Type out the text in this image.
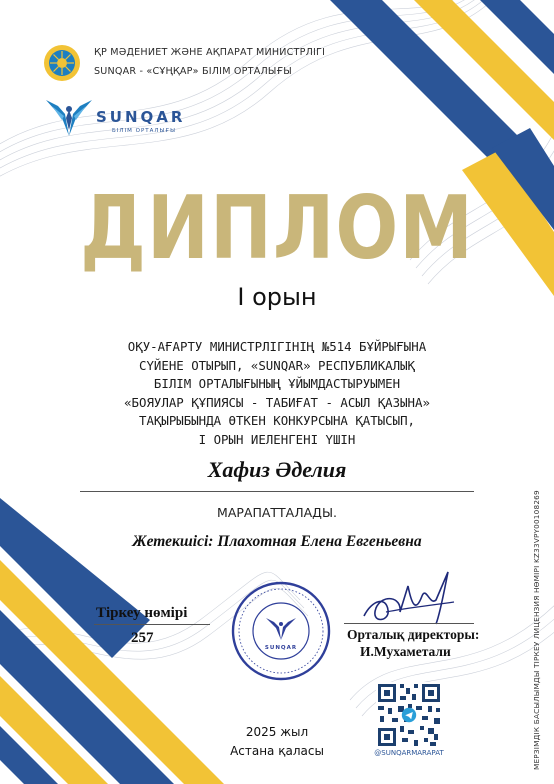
ҚР МӘДЕНИЕТ ЖӘНЕ АҚПАРАТ МИНИСТРЛІГІ
SUNQAR - «СҰҢҚАР» БІЛІМ ОРТАЛЫҒЫ
SUNQAR
БІЛІМ ОРТАЛЫҒЫ
ДИПЛОМ
I орын
ОҚУ-АҒАРТУ МИНИСТРЛІГІНІҢ №514 БҰЙРЫҒЫНА
СҮЙЕНЕ ОТЫРЫП, «SUNQAR» РЕСПУБЛИКАЛЫҚ
БІЛІМ ОРТАЛЫҒЫНЫҢ ҰЙЫМДАСТЫРУЫМЕН
«БОЯУЛАР ҚҰПИЯСЫ - ТАБИҒАТ - АСЫЛ ҚАЗЫНА»
ТАҚЫРЫБЫНДА ӨТКЕН КОНКУРСЫНА ҚАТЫСЫП,
I ОРЫН ИЕЛЕНГЕНІ ҮШІН
Хафиз Әделия
МАРАПАТТАЛАДЫ.
Жетекшісі: Плахотная Елена Евгеньевна
Тіркеу нөмірі
257
SUNQAR
Орталық директоры:
И.Мухаметали
@SUNQARMARAPAT
2025 жыл
Астана қаласы	МЕРЗІМДІК БАСЫЛЫМДЫ ТІРКЕУ ЛИЦЕНЗИЯ НӨМІРІ KZ33VPY00108269
